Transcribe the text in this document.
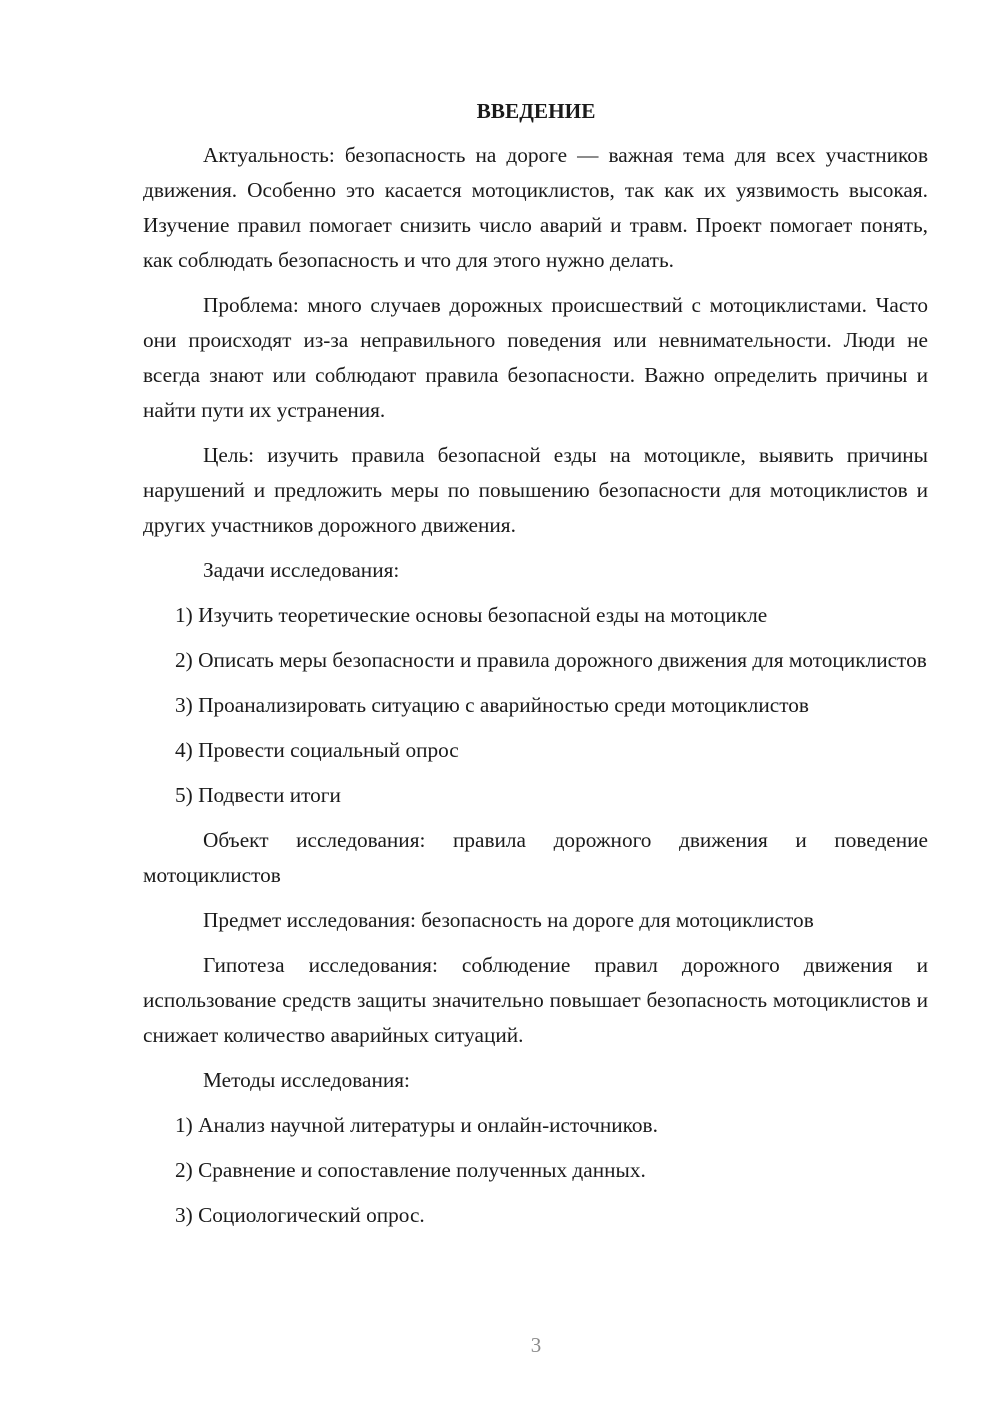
ВВЕДЕНИЕ
Актуальность: безопасность на дороге — важная тема для всех участников движения. Особенно это касается мотоциклистов, так как их уязвимость высокая. Изучение правил помогает снизить число аварий и травм. Проект помогает понять, как соблюдать безопасность и что для этого нужно делать.
Проблема: много случаев дорожных происшествий с мотоциклистами. Часто они происходят из-за неправильного поведения или невнимательности. Люди не всегда знают или соблюдают правила безопасности. Важно определить причины и найти пути их устранения.
Цель: изучить правила безопасной езды на мотоцикле, выявить причины нарушений и предложить меры по повышению безопасности для мотоциклистов и других участников дорожного движения.
Задачи исследования:
1) Изучить теоретические основы безопасной езды на мотоцикле
2) Описать меры безопасности и правила дорожного движения для мотоциклистов
3) Проанализировать ситуацию с аварийностью среди мотоциклистов
4) Провести социальный опрос
5) Подвести итоги
Объект исследования: правила дорожного движения и поведение мотоциклистов
Предмет исследования: безопасность на дороге для мотоциклистов
Гипотеза исследования: соблюдение правил дорожного движения и использование средств защиты значительно повышает безопасность мотоциклистов и снижает количество аварийных ситуаций.
Методы исследования:
1) Анализ научной литературы и онлайн-источников.
2) Сравнение и сопоставление полученных данных.
3) Социологический опрос.
3
